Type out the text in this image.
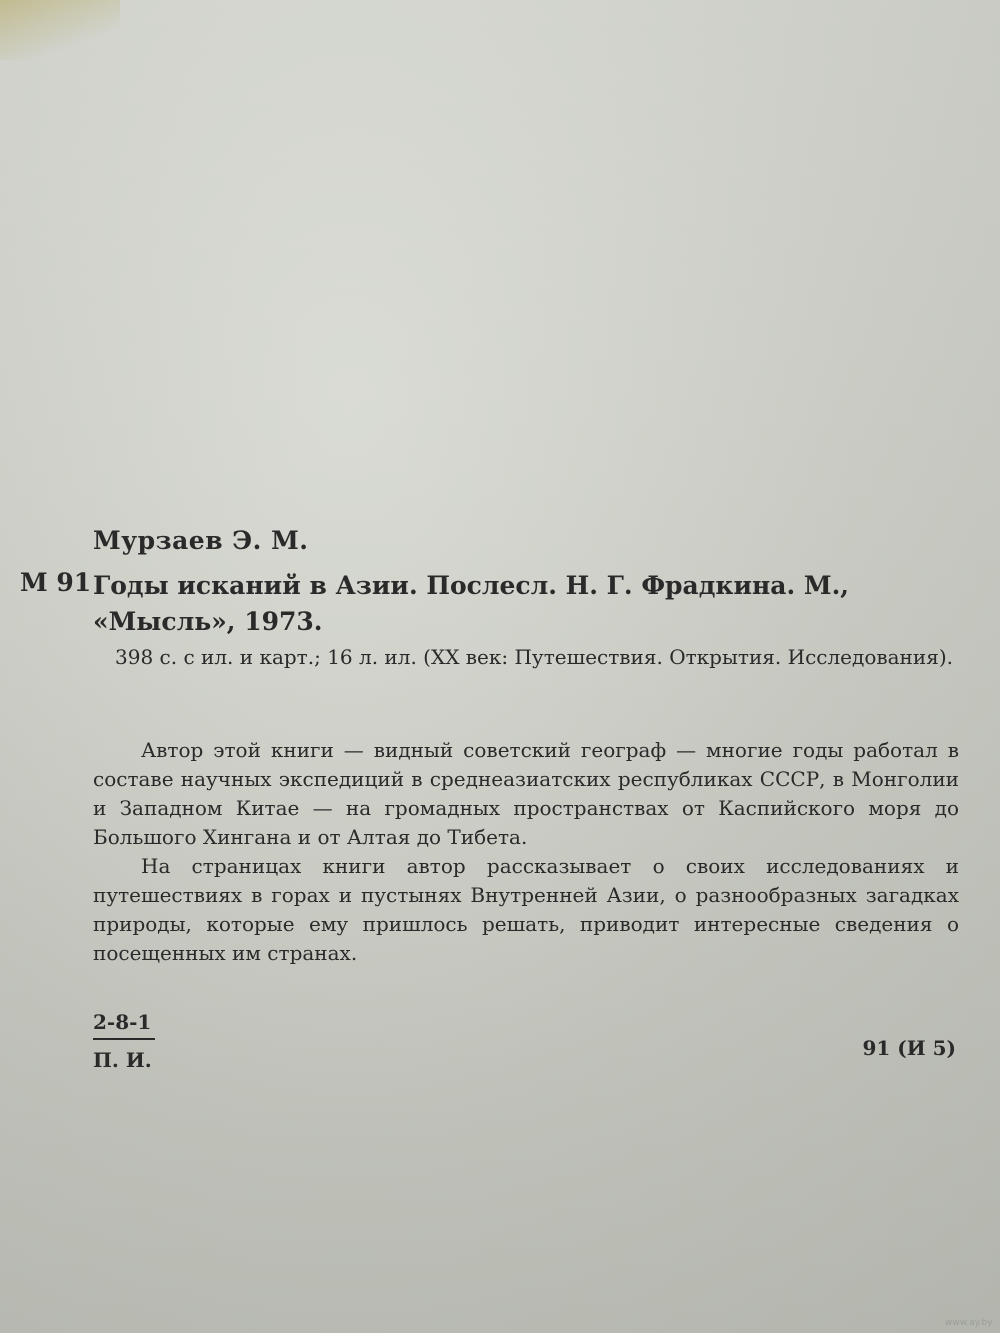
Мурзаев Э. М.
М 91 Годы исканий в Азии. Послесл. Н. Г. Фрадкина. М., «Мысль», 1973.
398 с. с ил. и карт.; 16 л. ил. (XX век: Путешествия. Открытия. Исследования).

Автор этой книги — видный советский географ — многие годы работал в составе научных экспедиций в среднеазиатских республиках СССР, в Монголии и Западном Китае — на громадных пространствах от Каспийского моря до Большого Хингана и от Алтая до Тибета.

На страницах книги автор рассказывает о своих исследованиях и путешествиях в горах и пустынях Внутренней Азии, о разнообразных загадках природы, которые ему пришлось решать, приводит интересные сведения о посещенных им странах.

2-8-1
П. И.	91 (И 5)
www.ay.by
